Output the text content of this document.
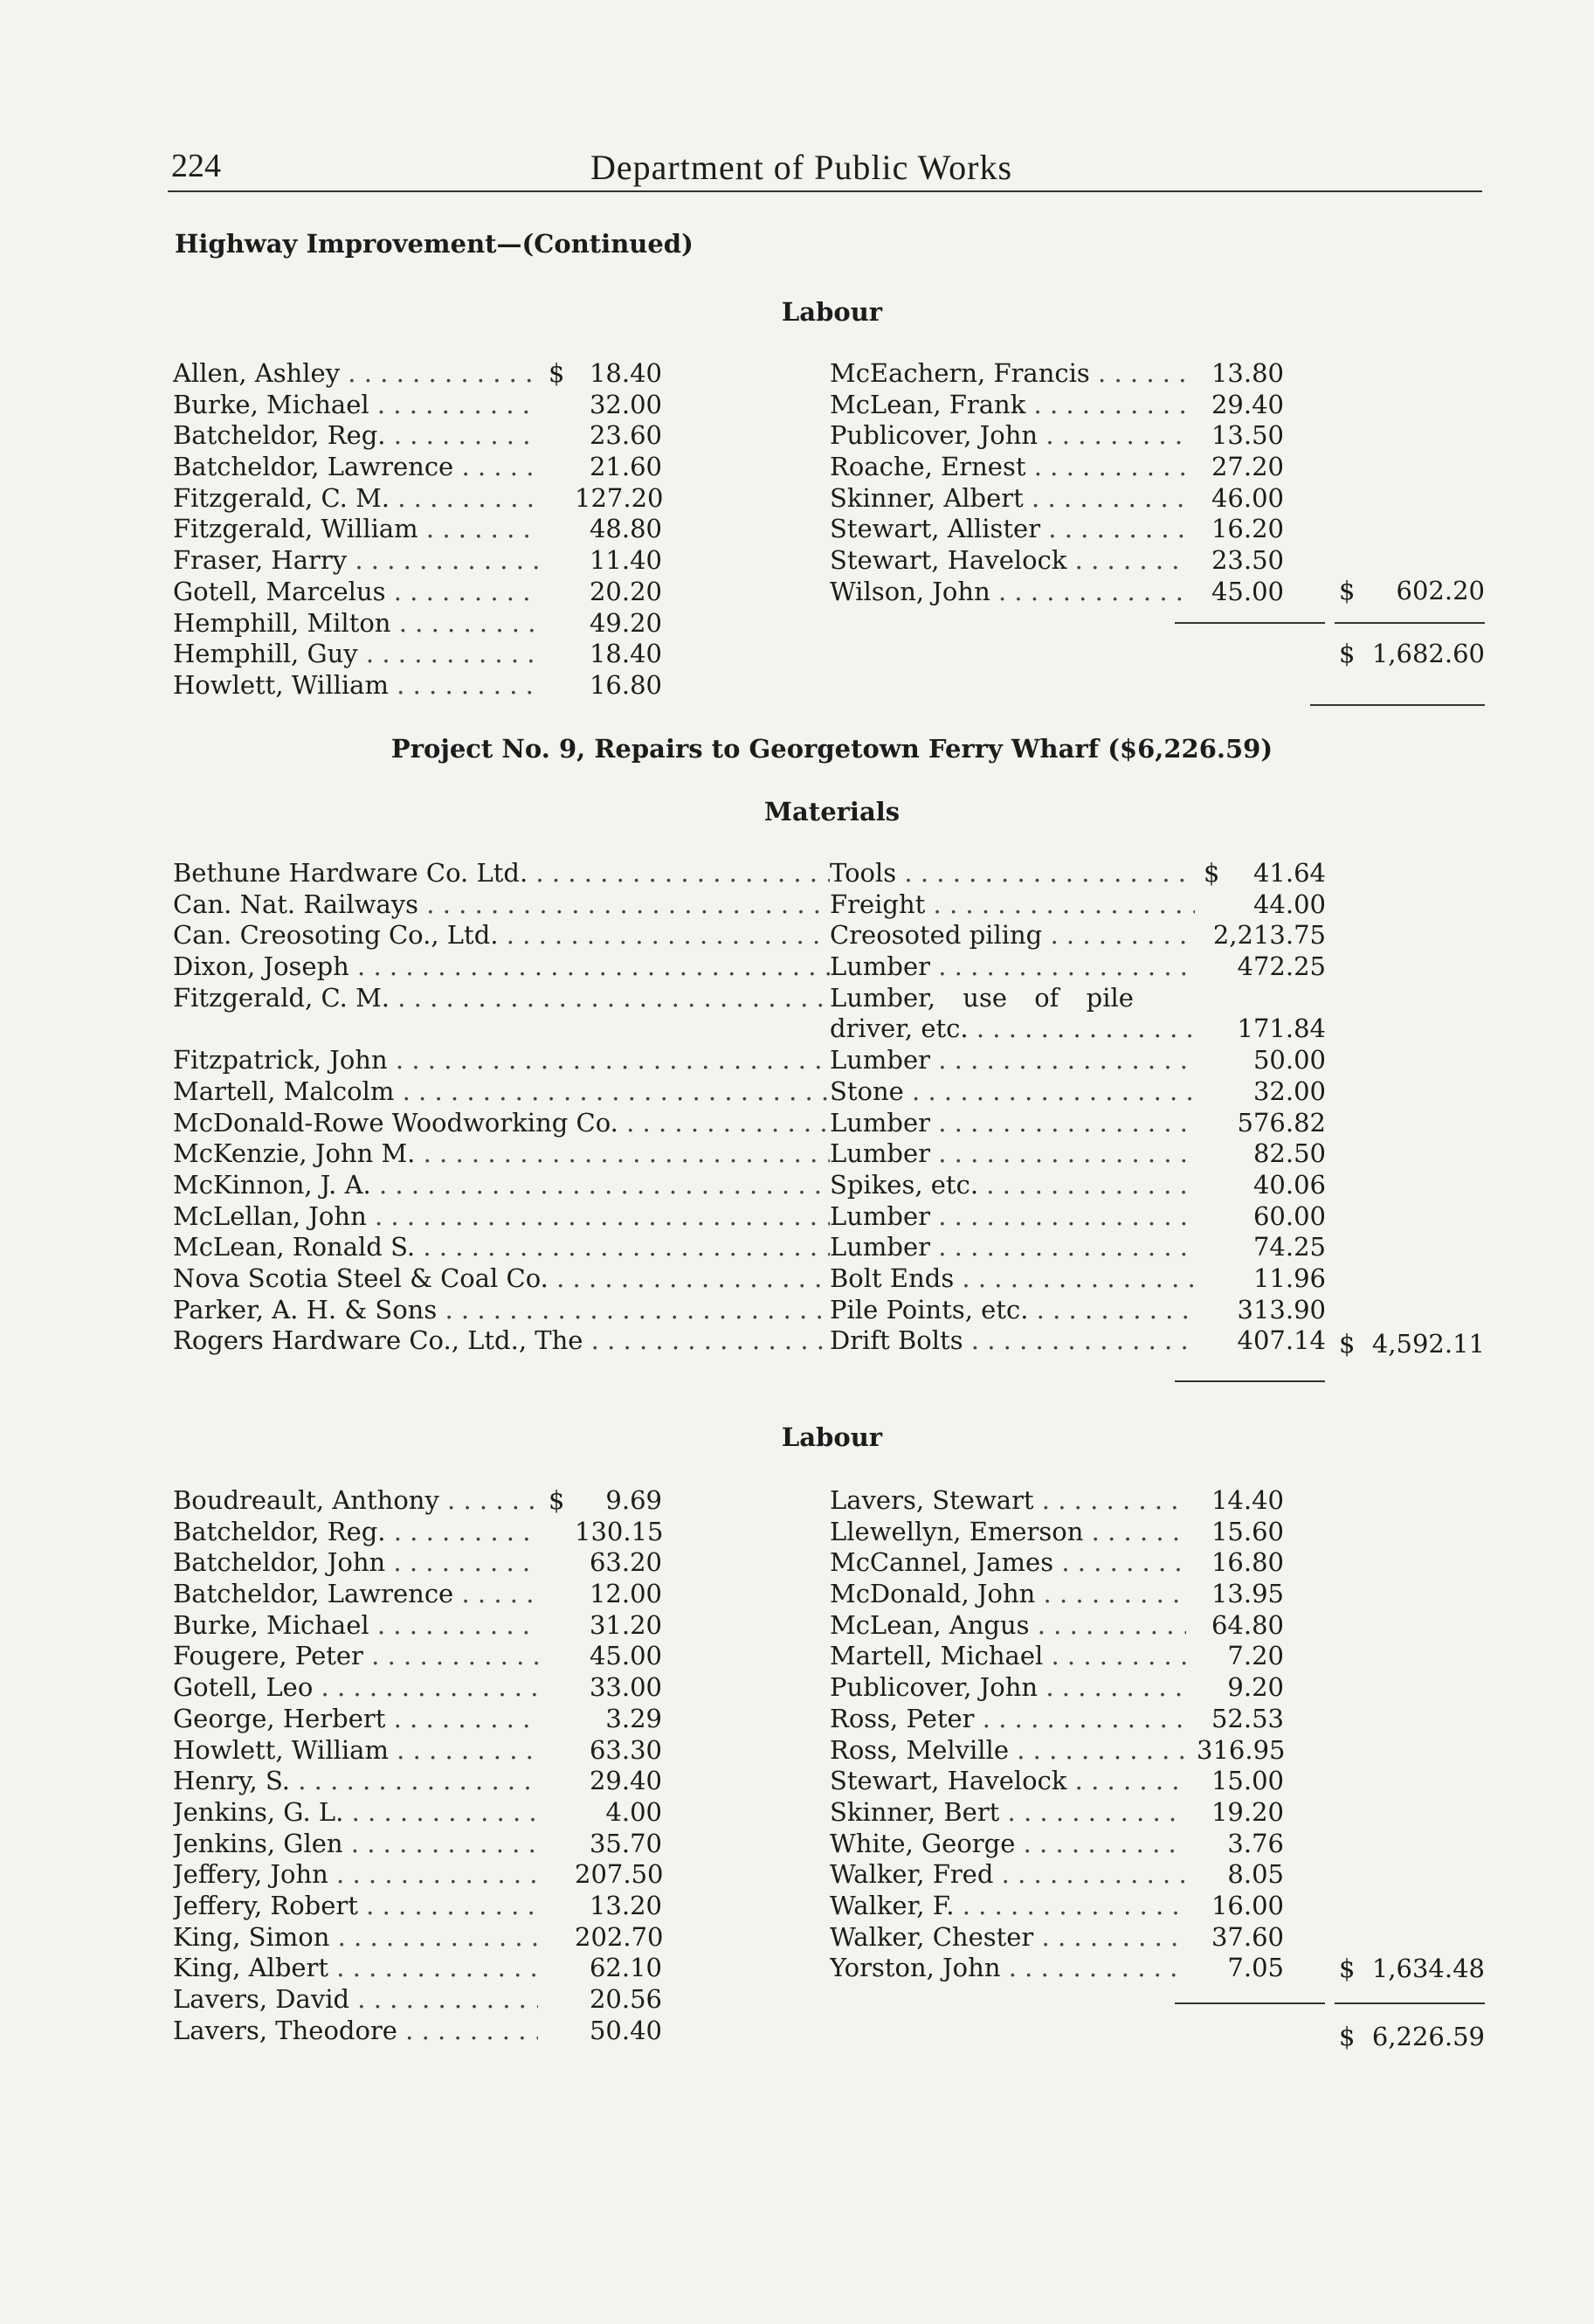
224	Department of Public Works
Highway Improvement—(Continued)
Labour
Allen, Ashley . . .	$ 18.40
Burke, Michael . . .	32.00
Batcheldor, Reg. . . .	23.60
Batcheldor, Lawrence . . .	21.60
Fitzgerald, C. M. . . .	127.20
Fitzgerald, William . . .	48.80
Fraser, Harry . . .	11.40
Gotell, Marcelus . . .	20.20
Hemphill, Milton . . .	49.20
Hemphill, Guy . . .	18.40
Howlett, William . . .	16.80
McEachern, Francis . . .	13.80
McLean, Frank . . .	29.40
Publicover, John . . .	13.50
Roache, Ernest . . .	27.20
Skinner, Albert . . .	46.00
Stewart, Allister . . .	16.20
Stewart, Havelock . . .	23.50
Wilson, John . . .	45.00 $	602.20
$ 1,682.60
Project No. 9, Repairs to Georgetown Ferry Wharf ($6,226.59)
Materials
Bethune Hardware Co. Ltd. . . .	Tools . . .	$	41.64
Can. Nat. Railways . . .	Freight . . .	44.00
Can. Creosoting Co., Ltd. . . .	Creosoted piling . . .	2,213.75
Dixon, Joseph . . .	Lumber . . .	472.25
Fitzgerald, C. M. . . .	Lumber, use of pile
driver, etc. . . .	171.84
Fitzpatrick, John . . .	Lumber . . .	50.00
Martell, Malcolm . . .	Stone . . .	32.00
McDonald-Rowe Woodworking Co. . . .	Lumber . . .	576.82
McKenzie, John M. . . .	Lumber . . .	82.50
McKinnon, J. A. . . .	Spikes, etc. . . .	40.06
McLellan, John . . .	Lumber . . .	60.00
McLean, Ronald S. . . .	Lumber . . .	74.25
Nova Scotia Steel & Coal Co. . . .	Bolt Ends . . .	11.96
Parker, A. H. & Sons . . .	Pile Points, etc. . . .	313.90
Rogers Hardware Co., Ltd., The . . .	Drift Bolts . . .	407.14 $ 4,592.11
Labour
Boudreault, Anthony . . .	$	9.69
Batcheldor, Reg. . . .	130.15
Batcheldor, John . . .	63.20
Batcheldor, Lawrence . . .	12.00
Burke, Michael . . .	31.20
Fougere, Peter . . .	45.00
Gotell, Leo . . .	33.00
George, Herbert . . .	3.29
Howlett, William . . .	63.30
Henry, S. . . .	29.40
Jenkins, G. L. . . .	4.00
Jenkins, Glen . . .	35.70
Jeffery, John . . .	207.50
Jeffery, Robert . . .	13.20
King, Simon . . .	202.70
King, Albert . . .	62.10
Lavers, David . . .	20.56
Lavers, Theodore . . .	50.40
Lavers, Stewart . . .	14.40
Llewellyn, Emerson . . .	15.60
McCannel, James . . .	16.80
McDonald, John . . .	13.95
McLean, Angus . . .	64.80
Martell, Michael . . .	7.20
Publicover, John . . .	9.20
Ross, Peter . . .	52.53
Ross, Melville . . .	316.95
Stewart, Havelock . . .	15.00
Skinner, Bert . . .	19.20
White, George . . .	3.76
Walker, Fred . . .	8.05
Walker, F. . . .	16.00
Walker, Chester . . .	37.60
Yorston, John . . .	7.05 $ 1,634.48
$ 6,226.59
